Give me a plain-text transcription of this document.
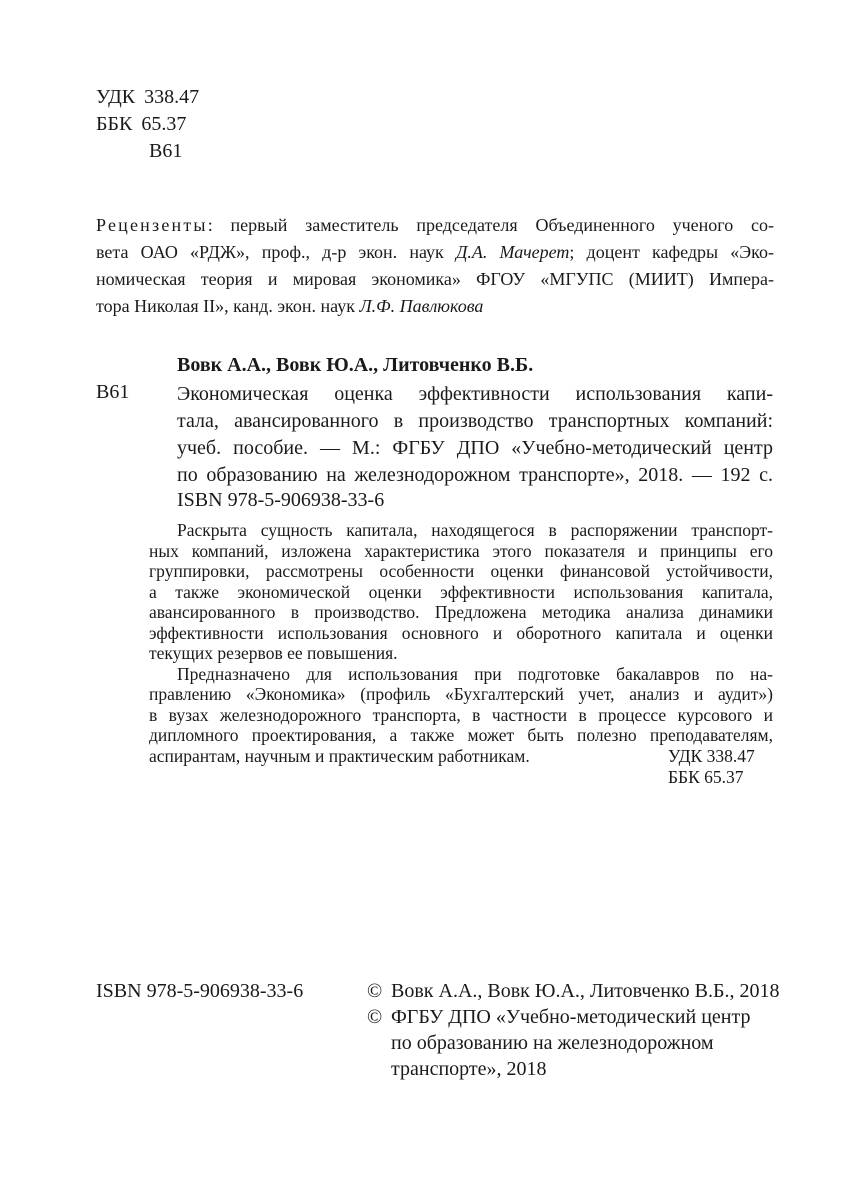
УДК 338.47
ББК 65.37
В61
Рецензенты: первый заместитель председателя Объединенного ученого со-
вета ОАО «РДЖ», проф., д-р экон. наук Д.А. Мачерет; доцент кафедры «Эко-
номическая теория и мировая экономика» ФГОУ «МГУПС (МИИТ) Импера-
тора Николая II», канд. экон. наук Л.Ф. Павлюкова
Вовк А.А., Вовк Ю.А., Литовченко В.Б.
В61 Экономическая оценка эффективности использования капи-
тала, авансированного в производство транспортных компаний:
учеб. пособие. — М.: ФГБУ ДПО «Учебно-методический центр
по образованию на железнодорожном транспорте», 2018. — 192 с.
ISBN 978-5-906938-33-6
Раскрыта сущность капитала, находящегося в распоряжении транспорт-
ных компаний, изложена характеристика этого показателя и принципы его
группировки, рассмотрены особенности оценки финансовой устойчивости,
а также экономической оценки эффективности использования капитала,
авансированного в производство. Предложена методика анализа динамики
эффективности использования основного и оборотного капитала и оценки
текущих резервов ее повышения.
Предназначено для использования при подготовке бакалавров по на-
правлению «Экономика» (профиль «Бухгалтерский учет, анализ и аудит»)
в вузах железнодорожного транспорта, в частности в процессе курсового и
дипломного проектирования, а также может быть полезно преподавателям,
аспирантам, научным и практическим работникам.	УДК 338.47
ББК 65.37
ISBN 978-5-906938-33-6	© Вовк А.А., Вовк Ю.А., Литовченко В.Б., 2018
© ФГБУ ДПО «Учебно-методический центр
по образованию на железнодорожном
транспорте», 2018
